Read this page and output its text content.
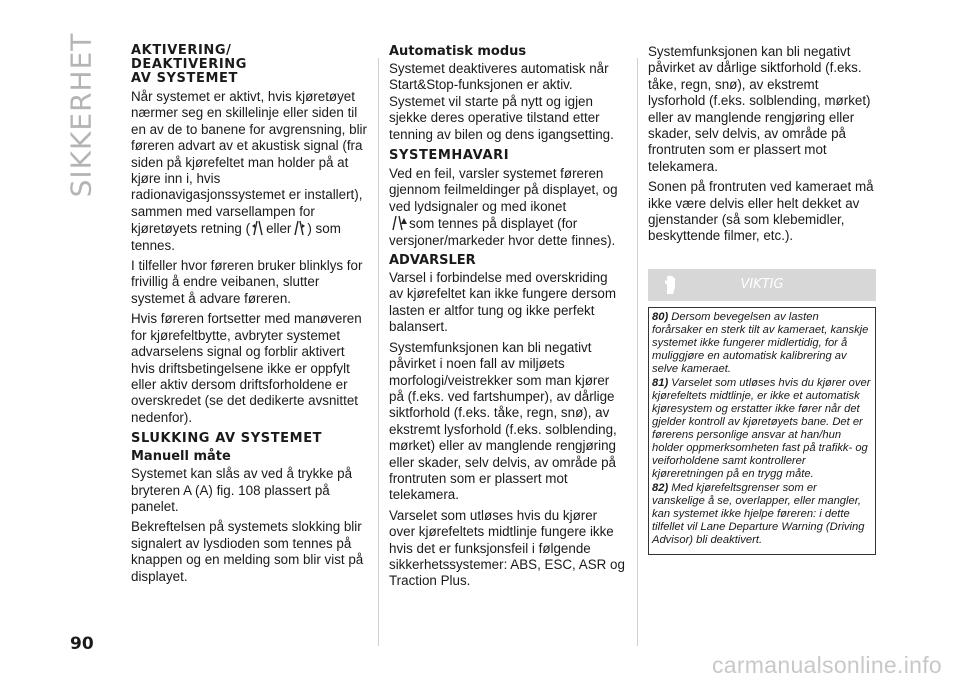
SIKKERHET	AKTIVERING/
DEAKTIVERING
AV SYSTEMET

Når systemet er aktivt, hvis kjøretøyet nærmer seg en skillelinje eller siden til en av de to banene for avgrensning, blir føreren advart av et akustisk signal (fra siden på kjørefeltet man holder på at kjøre inn i, hvis radionavigasjonssystemet er installert), sammen med varsellampen for
kjøretøyets retning ( eller ) som tennes.

I tilfeller hvor føreren bruker blinklys for frivillig å endre veibanen, slutter systemet å advare føreren.

Hvis føreren fortsetter med manøveren for kjørefeltbytte, avbryter systemet advarselens signal og forblir aktivert hvis driftsbetingelsene ikke er oppfylt eller aktiv dersom driftsforholdene er overskredet (se det dedikerte avsnittet nedenfor).

SLUKKING AV SYSTEMET
Manuell måte

Systemet kan slås av ved å trykke på bryteren A (A) fig. 108 plassert på panelet.

Bekreftelsen på systemets slokking blir signalert av lysdioden som tennes på knappen og en melding som blir vist på displayet.

Automatisk modus

Systemet deaktiveres automatisk når Start&Stop-funksjonen er aktiv. Systemet vil starte på nytt og igjen sjekke deres operative tilstand etter tenning av bilen og dens igangsetting.

SYSTEMHAVARI

Ved en feil, varsler systemet føreren gjennom feilmeldinger på displayet, og ved lydsignaler og med ikonet
som tennes på displayet (for versjoner/markeder hvor dette finnes).

ADVARSLER

Varsel i forbindelse med overskriding av kjørefeltet kan ikke fungere dersom lasten er altfor tung og ikke perfekt balansert.

Systemfunksjonen kan bli negativt påvirket i noen fall av miljøets morfologi/veistrekker som man kjører på (f.eks. ved fartshumper), av dårlige siktforhold (f.eks. tåke, regn, snø), av ekstremt lysforhold (f.eks. solblending, mørket) eller av manglende rengjøring eller skader, selv delvis, av område på frontruten som er plassert mot telekamera.

Varselet som utløses hvis du kjører over kjørefeltets midtlinje fungere ikke hvis det er funksjonsfeil i følgende sikkerhetssystemer: ABS, ESC, ASR og Traction Plus.

Systemfunksjonen kan bli negativt påvirket av dårlige siktforhold (f.eks. tåke, regn, snø), av ekstremt lysforhold (f.eks. solblending, mørket) eller av manglende rengjøring eller skader, selv delvis, av område på frontruten som er plassert mot telekamera.

Sonen på frontruten ved kameraet må ikke være delvis eller helt dekket av gjenstander (så som klebemidler, beskyttende filmer, etc.).

VIKTIG

80) Dersom bevegelsen av lasten forårsaker en sterk tilt av kameraet, kanskje systemet ikke fungerer midlertidig, for å muliggjøre en automatisk kalibrering av selve kameraet.

81) Varselet som utløses hvis du kjører over kjørefeltets midtlinje, er ikke et automatisk kjøresystem og erstatter ikke fører når det gjelder kontroll av kjøretøyets bane. Det er førerens personlige ansvar at han/hun holder oppmerksomheten fast på trafikk- og veiforholdene samt kontrollerer kjøreretningen på en trygg måte.

82) Med kjørefeltsgrenser som er vanskelige å se, overlapper, eller mangler, kan systemet ikke hjelpe føreren: i dette tilfellet vil Lane Departure Warning (Driving Advisor) bli deaktivert.

90
carmanualsonline.info
